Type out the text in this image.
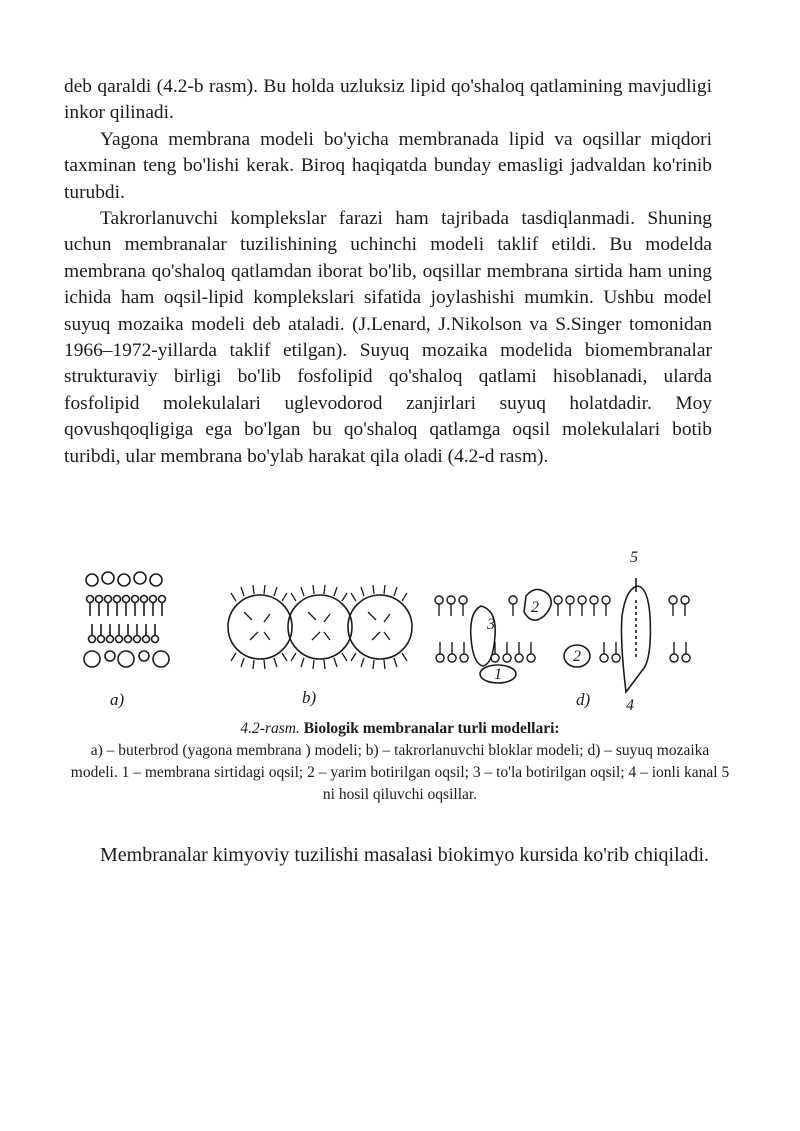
deb qaraldi (4.2-b rasm). Bu holda uzluksiz lipid qo'shaloq qatlamining mavjudligi inkor qilinadi.

Yagona membrana modeli bo'yicha membranada lipid va oqsillar miqdori taxminan teng bo'lishi kerak. Biroq haqiqatda bunday emasligi jadvaldan ko'rinib turubdi.

Takrorlanuvchi komplekslar farazi ham tajribada tasdiqlanmadi. Shuning uchun membranalar tuzilishining uchinchi modeli taklif etildi. Bu modelda membrana qo'shaloq qatlamdan iborat bo'lib, oqsillar membrana sirtida ham uning ichida ham oqsil-lipid komplekslari sifatida joylashishi mumkin. Ushbu model suyuq mozaika modeli deb ataladi. (J.Lenard, J.Nikolson va S.Singer tomonidan 1966–1972-yillarda taklif etilgan). Suyuq mozaika modelida biomembranalar strukturaviy birligi bo'lib fosfolipid qo'shaloq qatlami hisoblanadi, ularda fosfolipid molekulalari uglevodorod zanjirlari suyuq holatdadir. Moy qovushqoqligiga ega bo'lgan bu qo'shaloq qatlamga oqsil molekulalari botib turibdi, ular membrana bo'ylab harakat qila oladi (4.2-d rasm).

3
2
2
1
5
4
a)	b)	d)
4.2-rasm. Biologik membranalar turli modellari:
a) – buterbrod (yagona membrana ) modeli; b) – takrorlanuvchi bloklar modeli; d) – suyuq mozaika modeli. 1 – membrana sirtidagi oqsil; 2 – yarim botirilgan oqsil; 3 – to'la botirilgan oqsil; 4 – ionli kanal 5 ni hosil qiluvchi oqsillar.

Membranalar kimyoviy tuzilishi masalasi biokimyo kursida ko'rib chiqiladi.
